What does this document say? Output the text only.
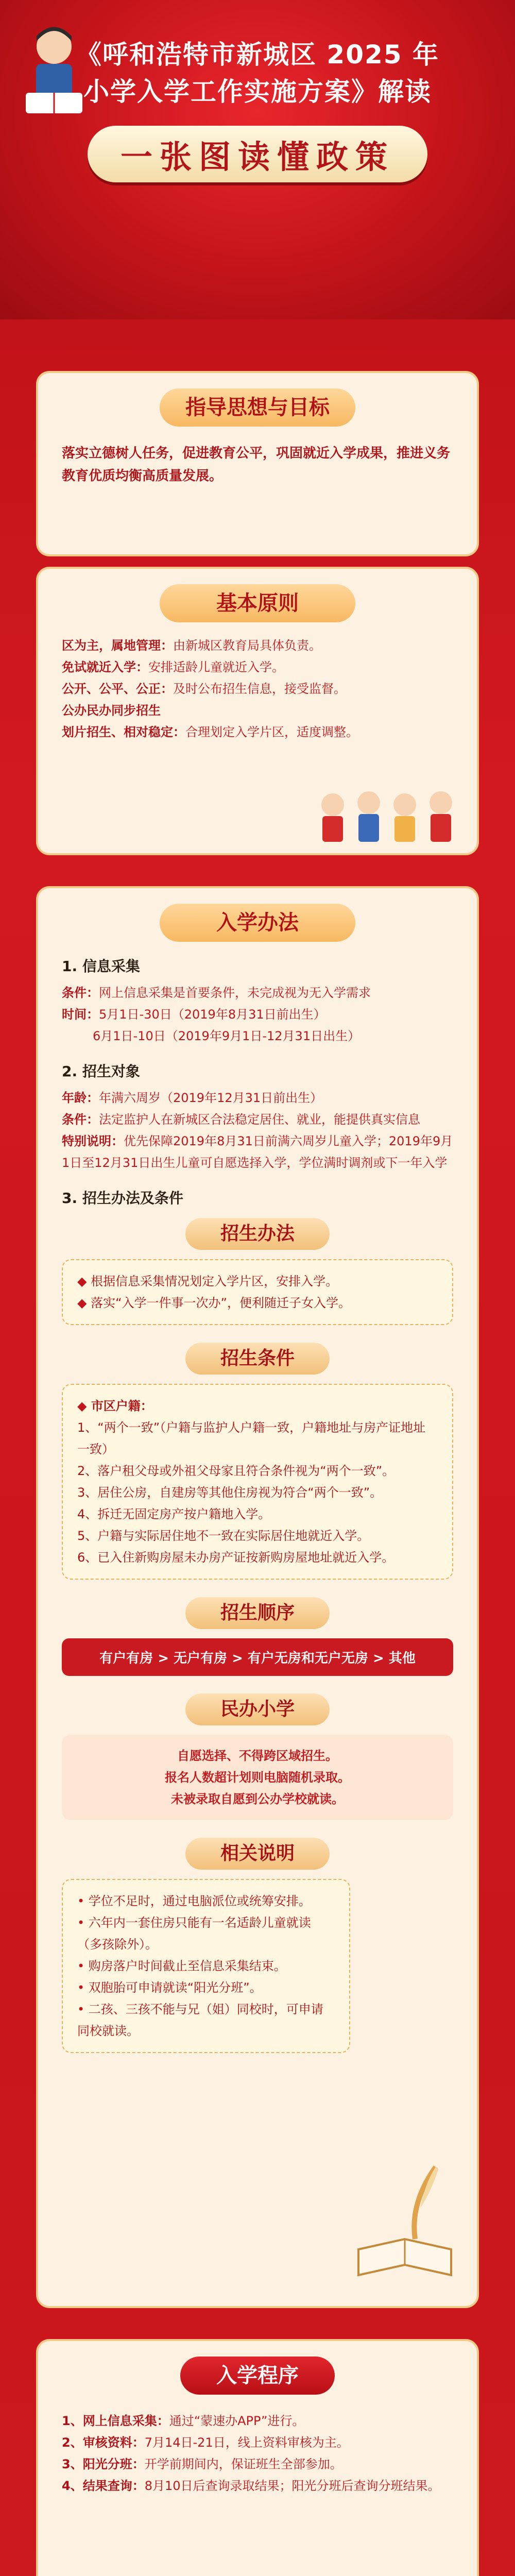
《呼和浩特市新城区 2025 年
小学入学工作实施方案》解读
一张图读懂政策
指导思想与目标

落实立德树人任务，促进教育公平，巩固就近入学成果，推进义务教育优质均衡高质量发展。

基本原则
区为主，属地管理：由新城区教育局具体负责。
免试就近入学：安排适龄儿童就近入学。
公开、公平、公正：及时公布招生信息，接受监督。
公办民办同步招生
划片招生、相对稳定：合理划定入学片区，适度调整。
入学办法
1. 信息采集
条件：网上信息采集是首要条件，未完成视为无入学需求
时间：5月1日-30日（2019年8月31日前出生）
6月1日-10日（2019年9月1日-12月31日出生）
2. 招生对象
年龄：年满六周岁（2019年12月31日前出生）
条件：法定监护人在新城区合法稳定居住、就业，能提供真实信息
特别说明：优先保障2019年8月31日前满六周岁儿童入学；2019年9月1日至12月31日出生儿童可自愿选择入学，学位满时调剂或下一年入学
3. 招生办法及条件
招生办法
◆ 根据信息采集情况划定入学片区，安排入学。
◆ 落实“入学一件事一次办”，便利随迁子女入学。
招生条件
◆ 市区户籍：
1、“两个一致”（户籍与监护人户籍一致，户籍地址与房产证地址一致）
2、落户租父母或外祖父母家且符合条件视为“两个一致”。
3、居住公房，自建房等其他住房视为符合“两个一致”。
4、拆迁无固定房产按户籍地入学。
5、户籍与实际居住地不一致在实际居住地就近入学。
6、已入住新购房屋未办房产证按新购房屋地址就近入学。
招生顺序
有户有房 > 无户有房 > 有户无房和无户无房 > 其他
民办小学
自愿选择、不得跨区域招生。
报名人数超计划则电脑随机录取。
未被录取自愿到公办学校就读。
相关说明
• 学位不足时，通过电脑派位或统筹安排。
• 六年内一套住房只能有一名适龄儿童就读（多孩除外）。
• 购房落户时间截止至信息采集结束。
• 双胞胎可申请就读“阳光分班”。
• 二孩、三孩不能与兄（姐）同校时，可申请同校就读。
入学程序
1、网上信息采集：通过“蒙速办APP”进行。
2、审核资料：7月14日-21日，线上资料审核为主。
3、阳光分班：开学前期间内，保证班生全部参加。
4、结果查询：8月10日后查询录取结果；阳光分班后查询分班结果。
